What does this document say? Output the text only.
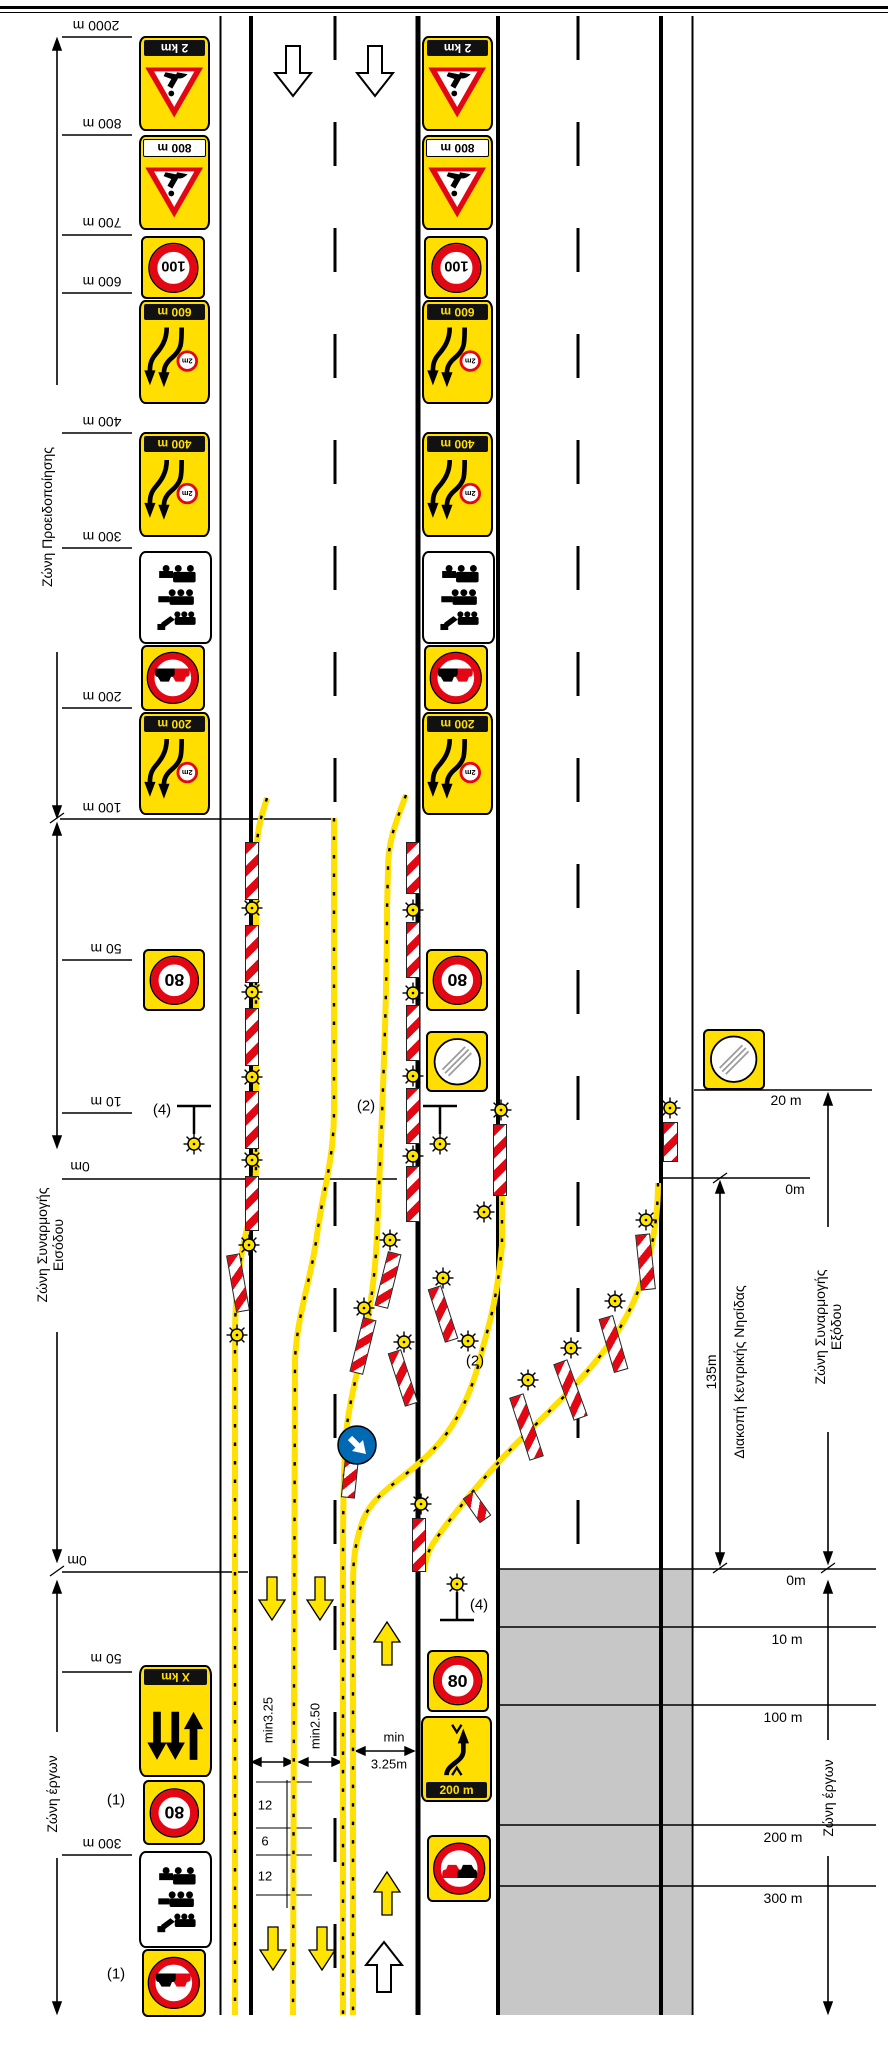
2000 m
800 m
700 m
600 m
400 m
300 m
200 m
100 m
50 m
10 m
0m
0m
50 m
300 m
20 m
0m
0m
10 m
100 m
200 m
300 m
(4)	(2)
(2)
(4)
(1)
(1)
min3.25 min2.50	min
3.25m
12
6
12
Ζώνη Προειδοποίησης
Ζώνη Συναρμογής Εισόδου
Ζώνη έργων
Ζώνη Συναρμογής Εξόδου
Ζώνη έργων
135m Διακοπή Κεντρικής Νησίδας
2 km
800 m
100
2m
600 m
2m
400 m
2m
200 m
80
2 km
800 m
100
2m
600 m
2m
400 m
2m
200 m
80
80
200 m
X km
80
